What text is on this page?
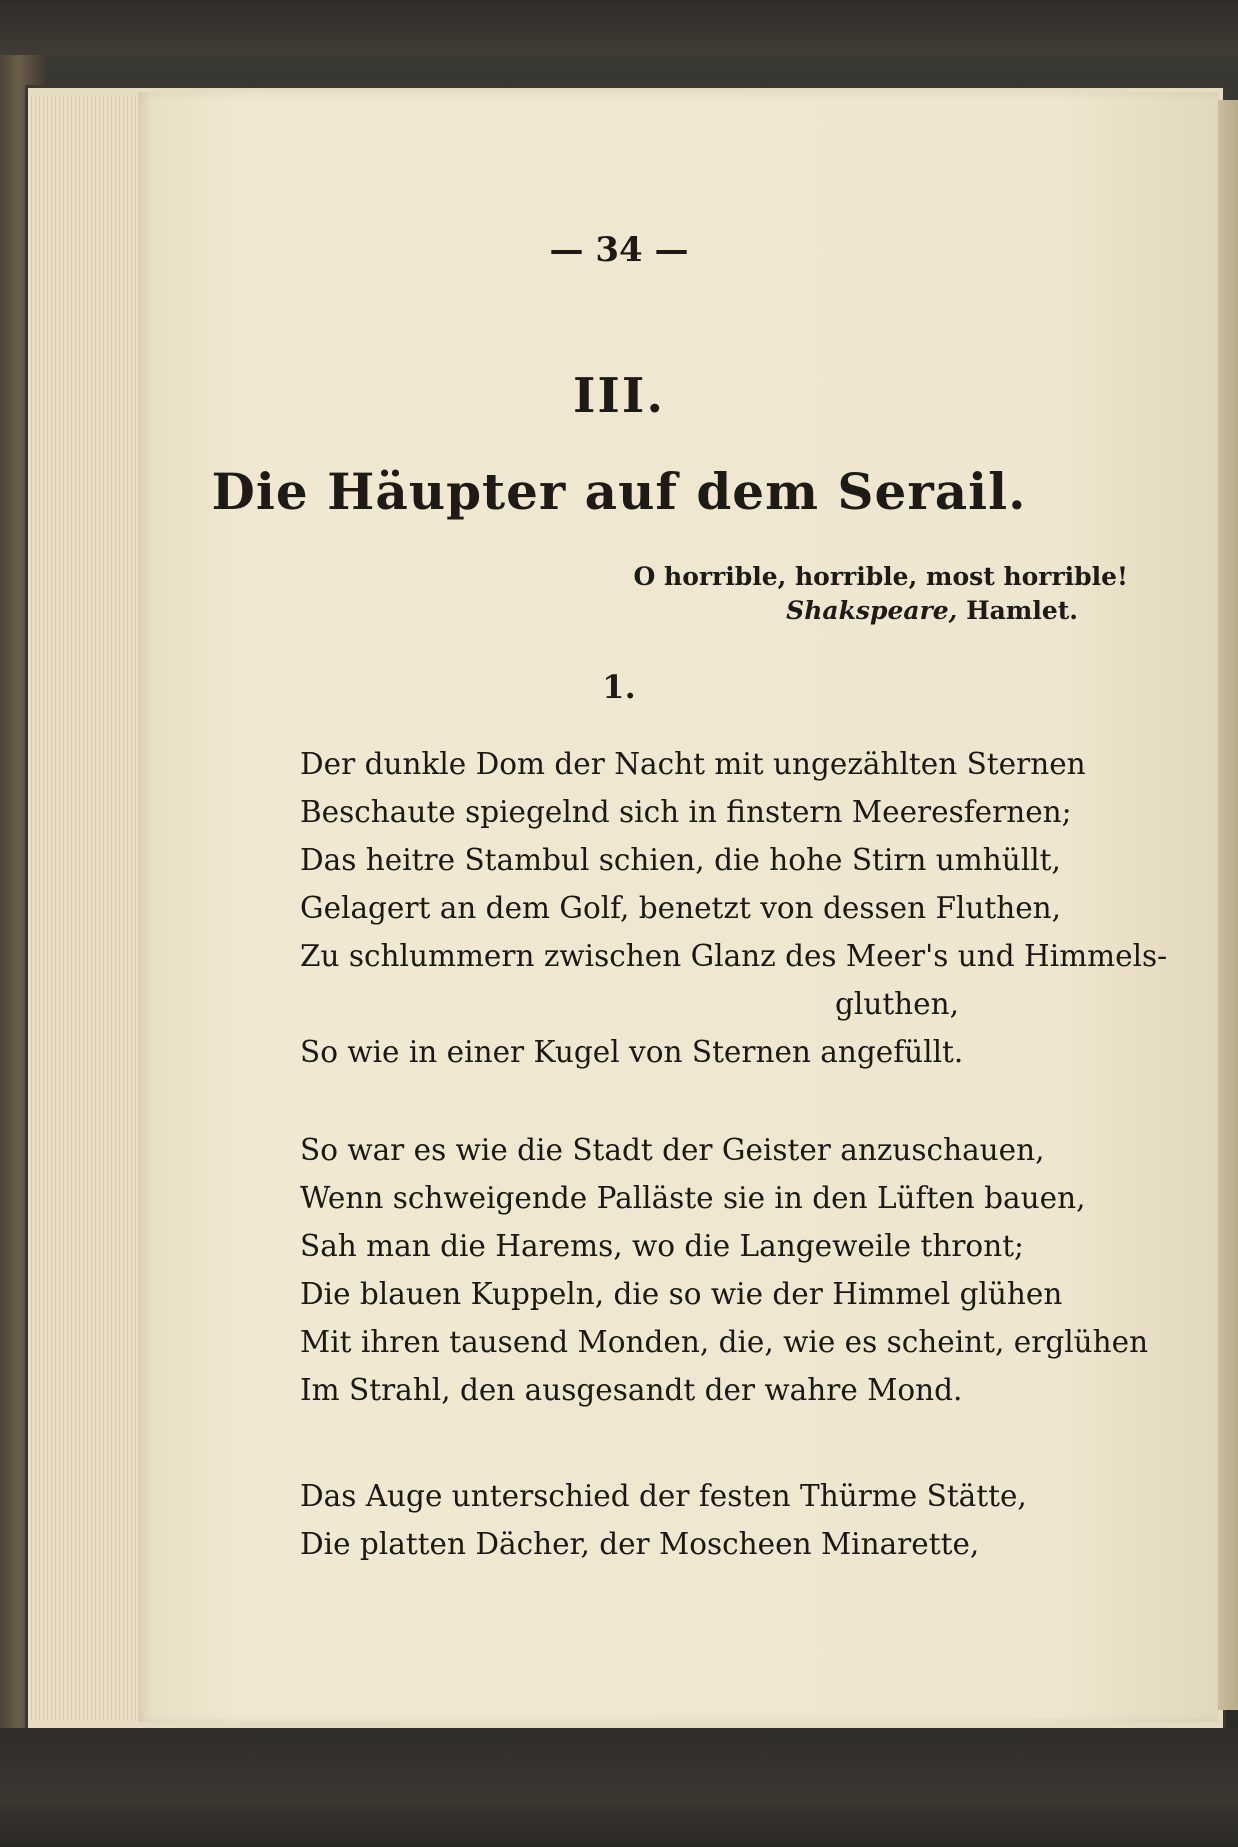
— 34 —
III.
Die Häupter auf dem Serail.
O horrible, horrible, most horrible!
Shakspeare, Hamlet.
1.
Der dunkle Dom der Nacht mit ungezählten Sternen
Beschaute spiegelnd sich in finstern Meeresfernen;
Das heitre Stambul schien, die hohe Stirn umhüllt,
Gelagert an dem Golf, benetzt von dessen Fluthen,
Zu schlummern zwischen Glanz des Meer's und Himmels-
gluthen,
So wie in einer Kugel von Sternen angefüllt.
So war es wie die Stadt der Geister anzuschauen,
Wenn schweigende Palläste sie in den Lüften bauen,
Sah man die Harems, wo die Langeweile thront;
Die blauen Kuppeln, die so wie der Himmel glühen
Mit ihren tausend Monden, die, wie es scheint, erglühen
Im Strahl, den ausgesandt der wahre Mond.
Das Auge unterschied der festen Thürme Stätte,
Die platten Dächer, der Moscheen Minarette,
